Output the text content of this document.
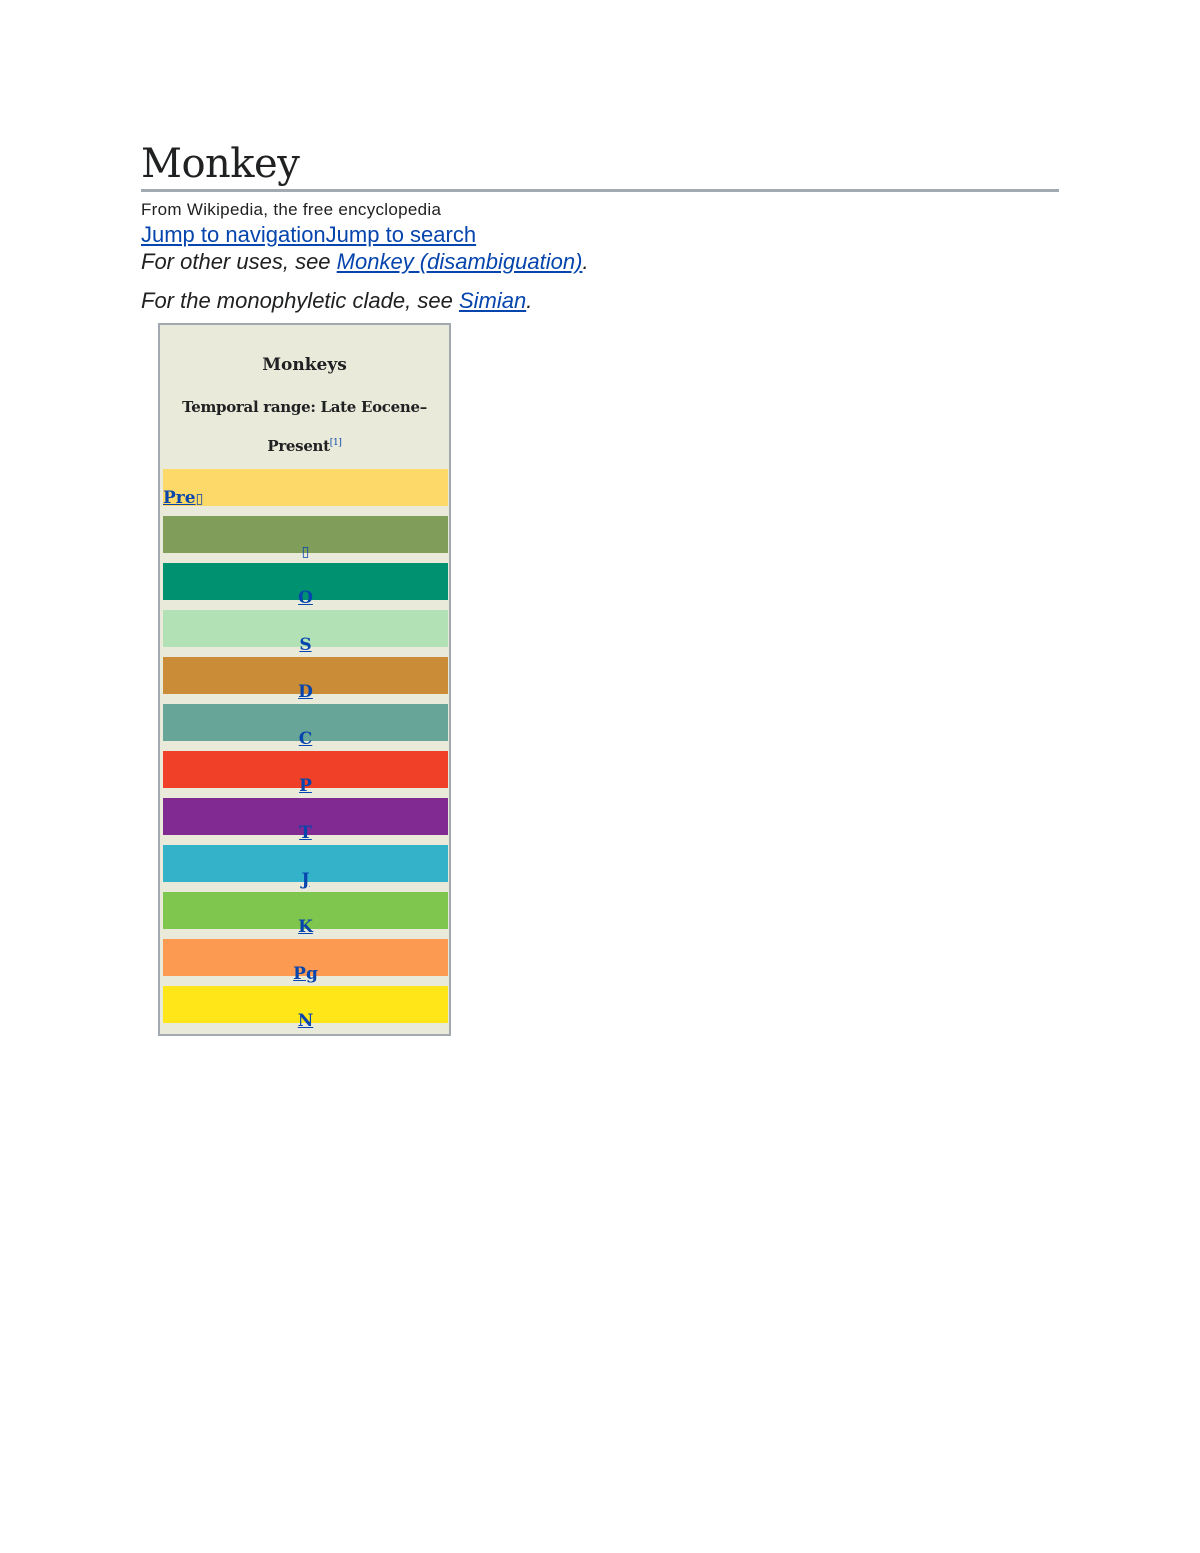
Monkey
From Wikipedia, the free encyclopedia
Jump to navigationJump to search
For other uses, see Monkey (disambiguation).
For the monophyletic clade, see Simian.
Monkeys
Temporal range: Late Eocene–Present[1]
Pre▯
▯
O
S
D
C
P
T
J
K
Pg
N
